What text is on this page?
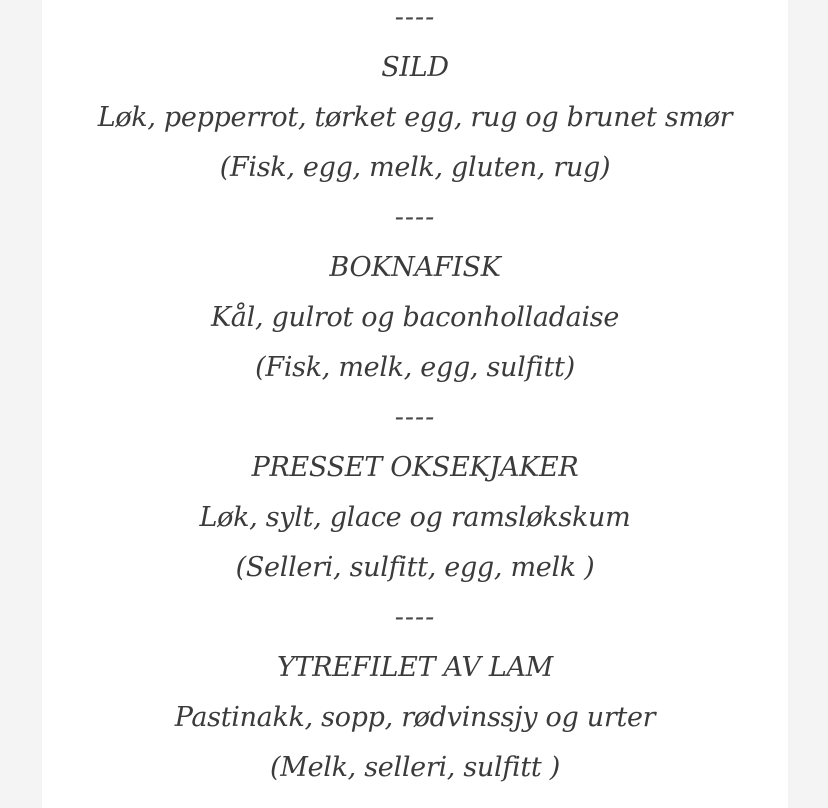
----
SILD
Løk, pepperrot, tørket egg, rug og brunet smør
(Fisk, egg, melk, gluten, rug)
----
BOKNAFISK
Kål, gulrot og baconholladaise
(Fisk, melk, egg, sulfitt)
----
PRESSET OKSEKJAKER
Løk, sylt, glace og ramsløkskum
(Selleri, sulfitt, egg, melk )
----
YTREFILET AV LAM
Pastinakk, sopp, rødvinssjy og urter
(Melk, selleri, sulfitt )
